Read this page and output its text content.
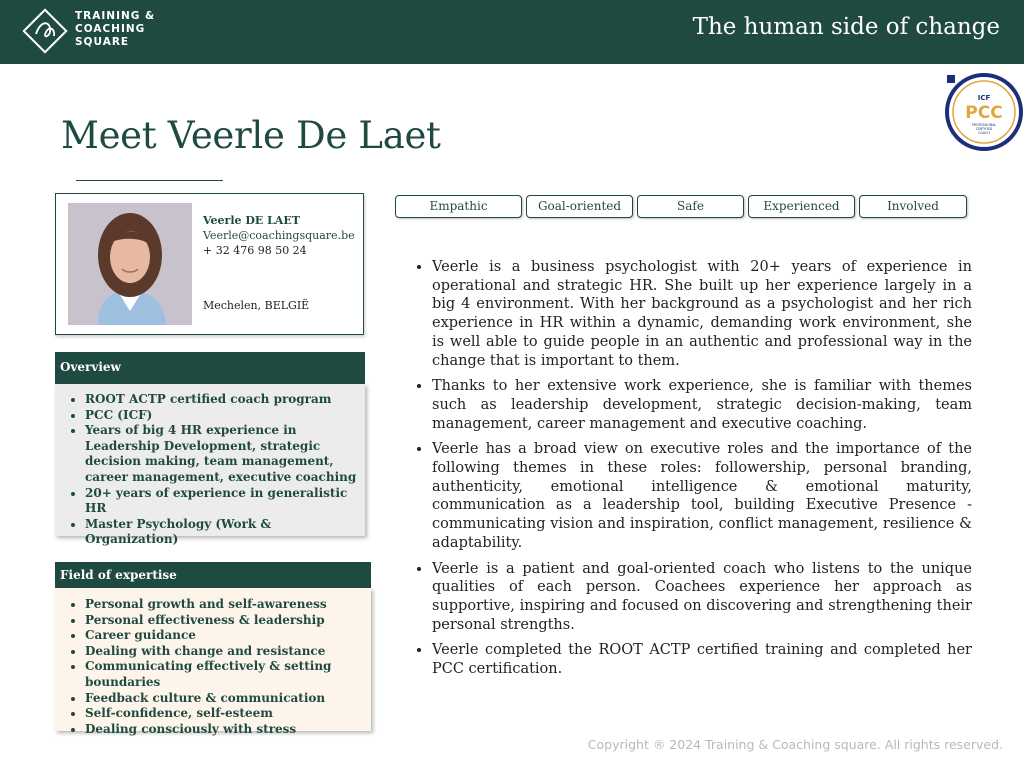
TRAINING &
COACHING
SQUARE
The human side of change
ICF
PCC
PROFESSIONAL
CERTIFIED
COACH
Meet Veerle De Laet
Veerle DE LAET
Veerle@coachingsquare.be
+ 32 476 98 50 24
Mechelen, BELGIË
Overview
• ROOT ACTP certified coach program
• PCC (ICF)
• Years of big 4 HR experience in Leadership Development, strategic decision making, team management, career management, executive coaching
• 20+ years of experience in generalistic HR
• Master Psychology (Work & Organization)
Field of expertise
• Personal growth and self-awareness
• Personal effectiveness & leadership
• Career guidance
• Dealing with change and resistance
• Communicating effectively & setting boundaries
• Feedback culture & communication
• Self-confidence, self-esteem
• Dealing consciously with stress
Empathic	Goal-oriented	Safe	Experienced	Involved
• Veerle is a business psychologist with 20+ years of experience in operational and strategic HR. She built up her experience largely in a big 4 environment. With her background as a psychologist and her rich experience in HR within a dynamic, demanding work environment, she is well able to guide people in an authentic and professional way in the change that is important to them.
• Thanks to her extensive work experience, she is familiar with themes such as leadership development, strategic decision-making, team management, career management and executive coaching.
• Veerle has a broad view on executive roles and the importance of the following themes in these roles: followership, personal branding, authenticity, emotional intelligence & emotional maturity, communication as a leadership tool, building Executive Presence - communicating vision and inspiration, conflict management, resilience & adaptability.
• Veerle is a patient and goal-oriented coach who listens to the unique qualities of each person. Coachees experience her approach as supportive, inspiring and focused on discovering and strengthening their personal strengths.
• Veerle completed the ROOT ACTP certified training and completed her PCC certification.
Copyright ® 2024 Training & Coaching square. All rights reserved.
